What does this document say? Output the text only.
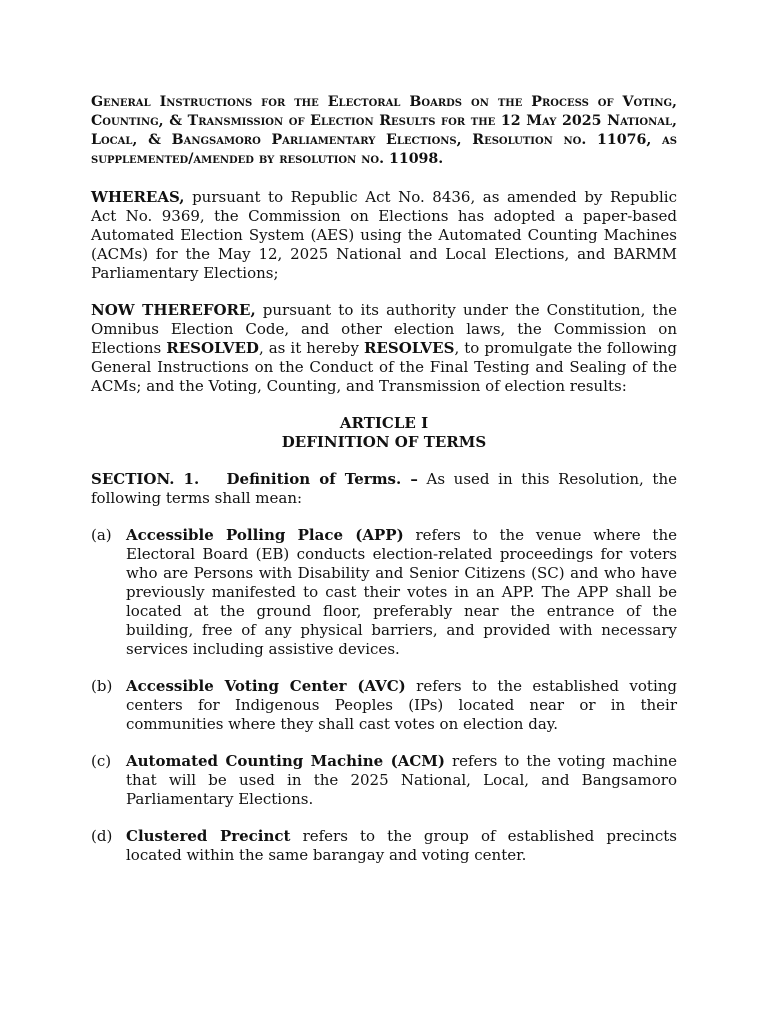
General Instructions for the Electoral Boards on the Process of Voting, Counting, & Transmission of Election Results for the 12 May 2025 National, Local, & Bangsamoro Parliamentary Elections, Resolution no. 11076, as supplemented/amended by resolution no. 11098.
WHEREAS, pursuant to Republic Act No. 8436, as amended by Republic Act No. 9369, the Commission on Elections has adopted a paper-based Automated Election System (AES) using the Automated Counting Machines (ACMs) for the May 12, 2025 National and Local Elections, and BARMM Parliamentary Elections;
NOW THEREFORE, pursuant to its authority under the Constitution, the Omnibus Election Code, and other election laws, the Commission on Elections RESOLVED, as it hereby RESOLVES, to promulgate the following General Instructions on the Conduct of the Final Testing and Sealing of the ACMs; and the Voting, Counting, and Transmission of election results:
ARTICLE I
DEFINITION OF TERMS
SECTION. 1.   Definition of Terms. – As used in this Resolution, the following terms shall mean:
(a) Accessible Polling Place (APP) refers to the venue where the Electoral Board (EB) conducts election-related proceedings for voters who are Persons with Disability and Senior Citizens (SC) and who have previously manifested to cast their votes in an APP. The APP shall be located at the ground floor, preferably near the entrance of the building, free of any physical barriers, and provided with necessary services including assistive devices.
(b) Accessible Voting Center (AVC) refers to the established voting centers for Indigenous Peoples (IPs) located near or in their communities where they shall cast votes on election day.
(c) Automated Counting Machine (ACM) refers to the voting machine that will be used in the 2025 National, Local, and Bangsamoro Parliamentary Elections.
(d) Clustered Precinct refers to the group of established precincts located within the same barangay and voting center.
